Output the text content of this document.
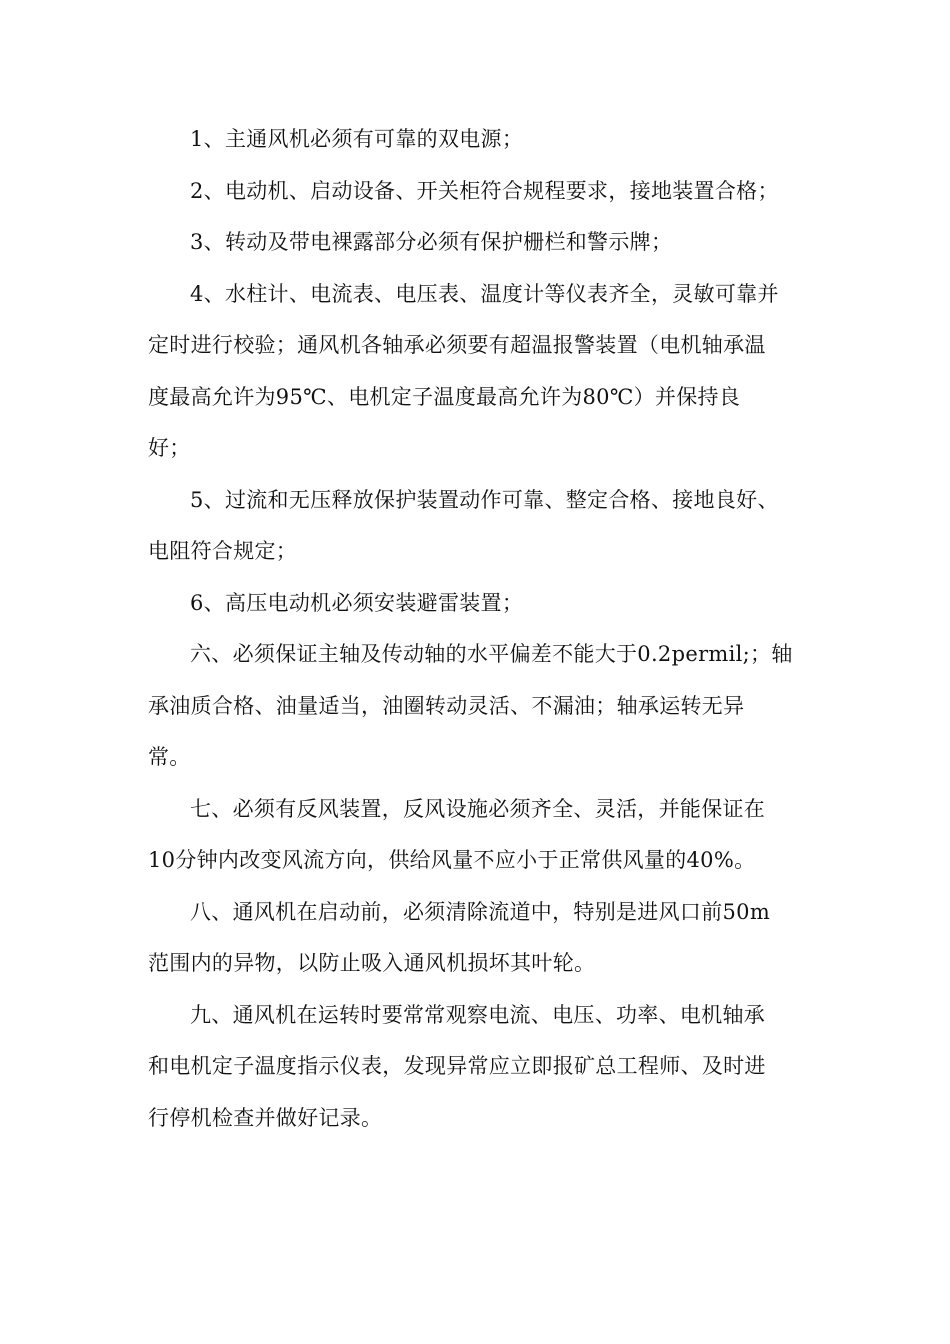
1、主通风机必须有可靠的双电源；
2、电动机、启动设备、开关柜符合规程要求，接地装置合格；
3、转动及带电裸露部分必须有保护栅栏和警示牌；
4、水柱计、电流表、电压表、温度计等仪表齐全，灵敏可靠并
定时进行校验；通风机各轴承必须要有超温报警装置（电机轴承温
度最高允许为95℃、电机定子温度最高允许为80℃）并保持良
好；
5、过流和无压释放保护装置动作可靠、整定合格、接地良好、
电阻符合规定；
6、高压电动机必须安装避雷装置；
六、必须保证主轴及传动轴的水平偏差不能大于0.2permil;；轴
承油质合格、油量适当，油圈转动灵活、不漏油；轴承运转无异
常。
七、必须有反风装置，反风设施必须齐全、灵活，并能保证在
10分钟内改变风流方向，供给风量不应小于正常供风量的40%。
八、通风机在启动前，必须清除流道中，特别是进风口前50m
范围内的异物，以防止吸入通风机损坏其叶轮。
九、通风机在运转时要常常观察电流、电压、功率、电机轴承
和电机定子温度指示仪表，发现异常应立即报矿总工程师、及时进
行停机检查并做好记录。
